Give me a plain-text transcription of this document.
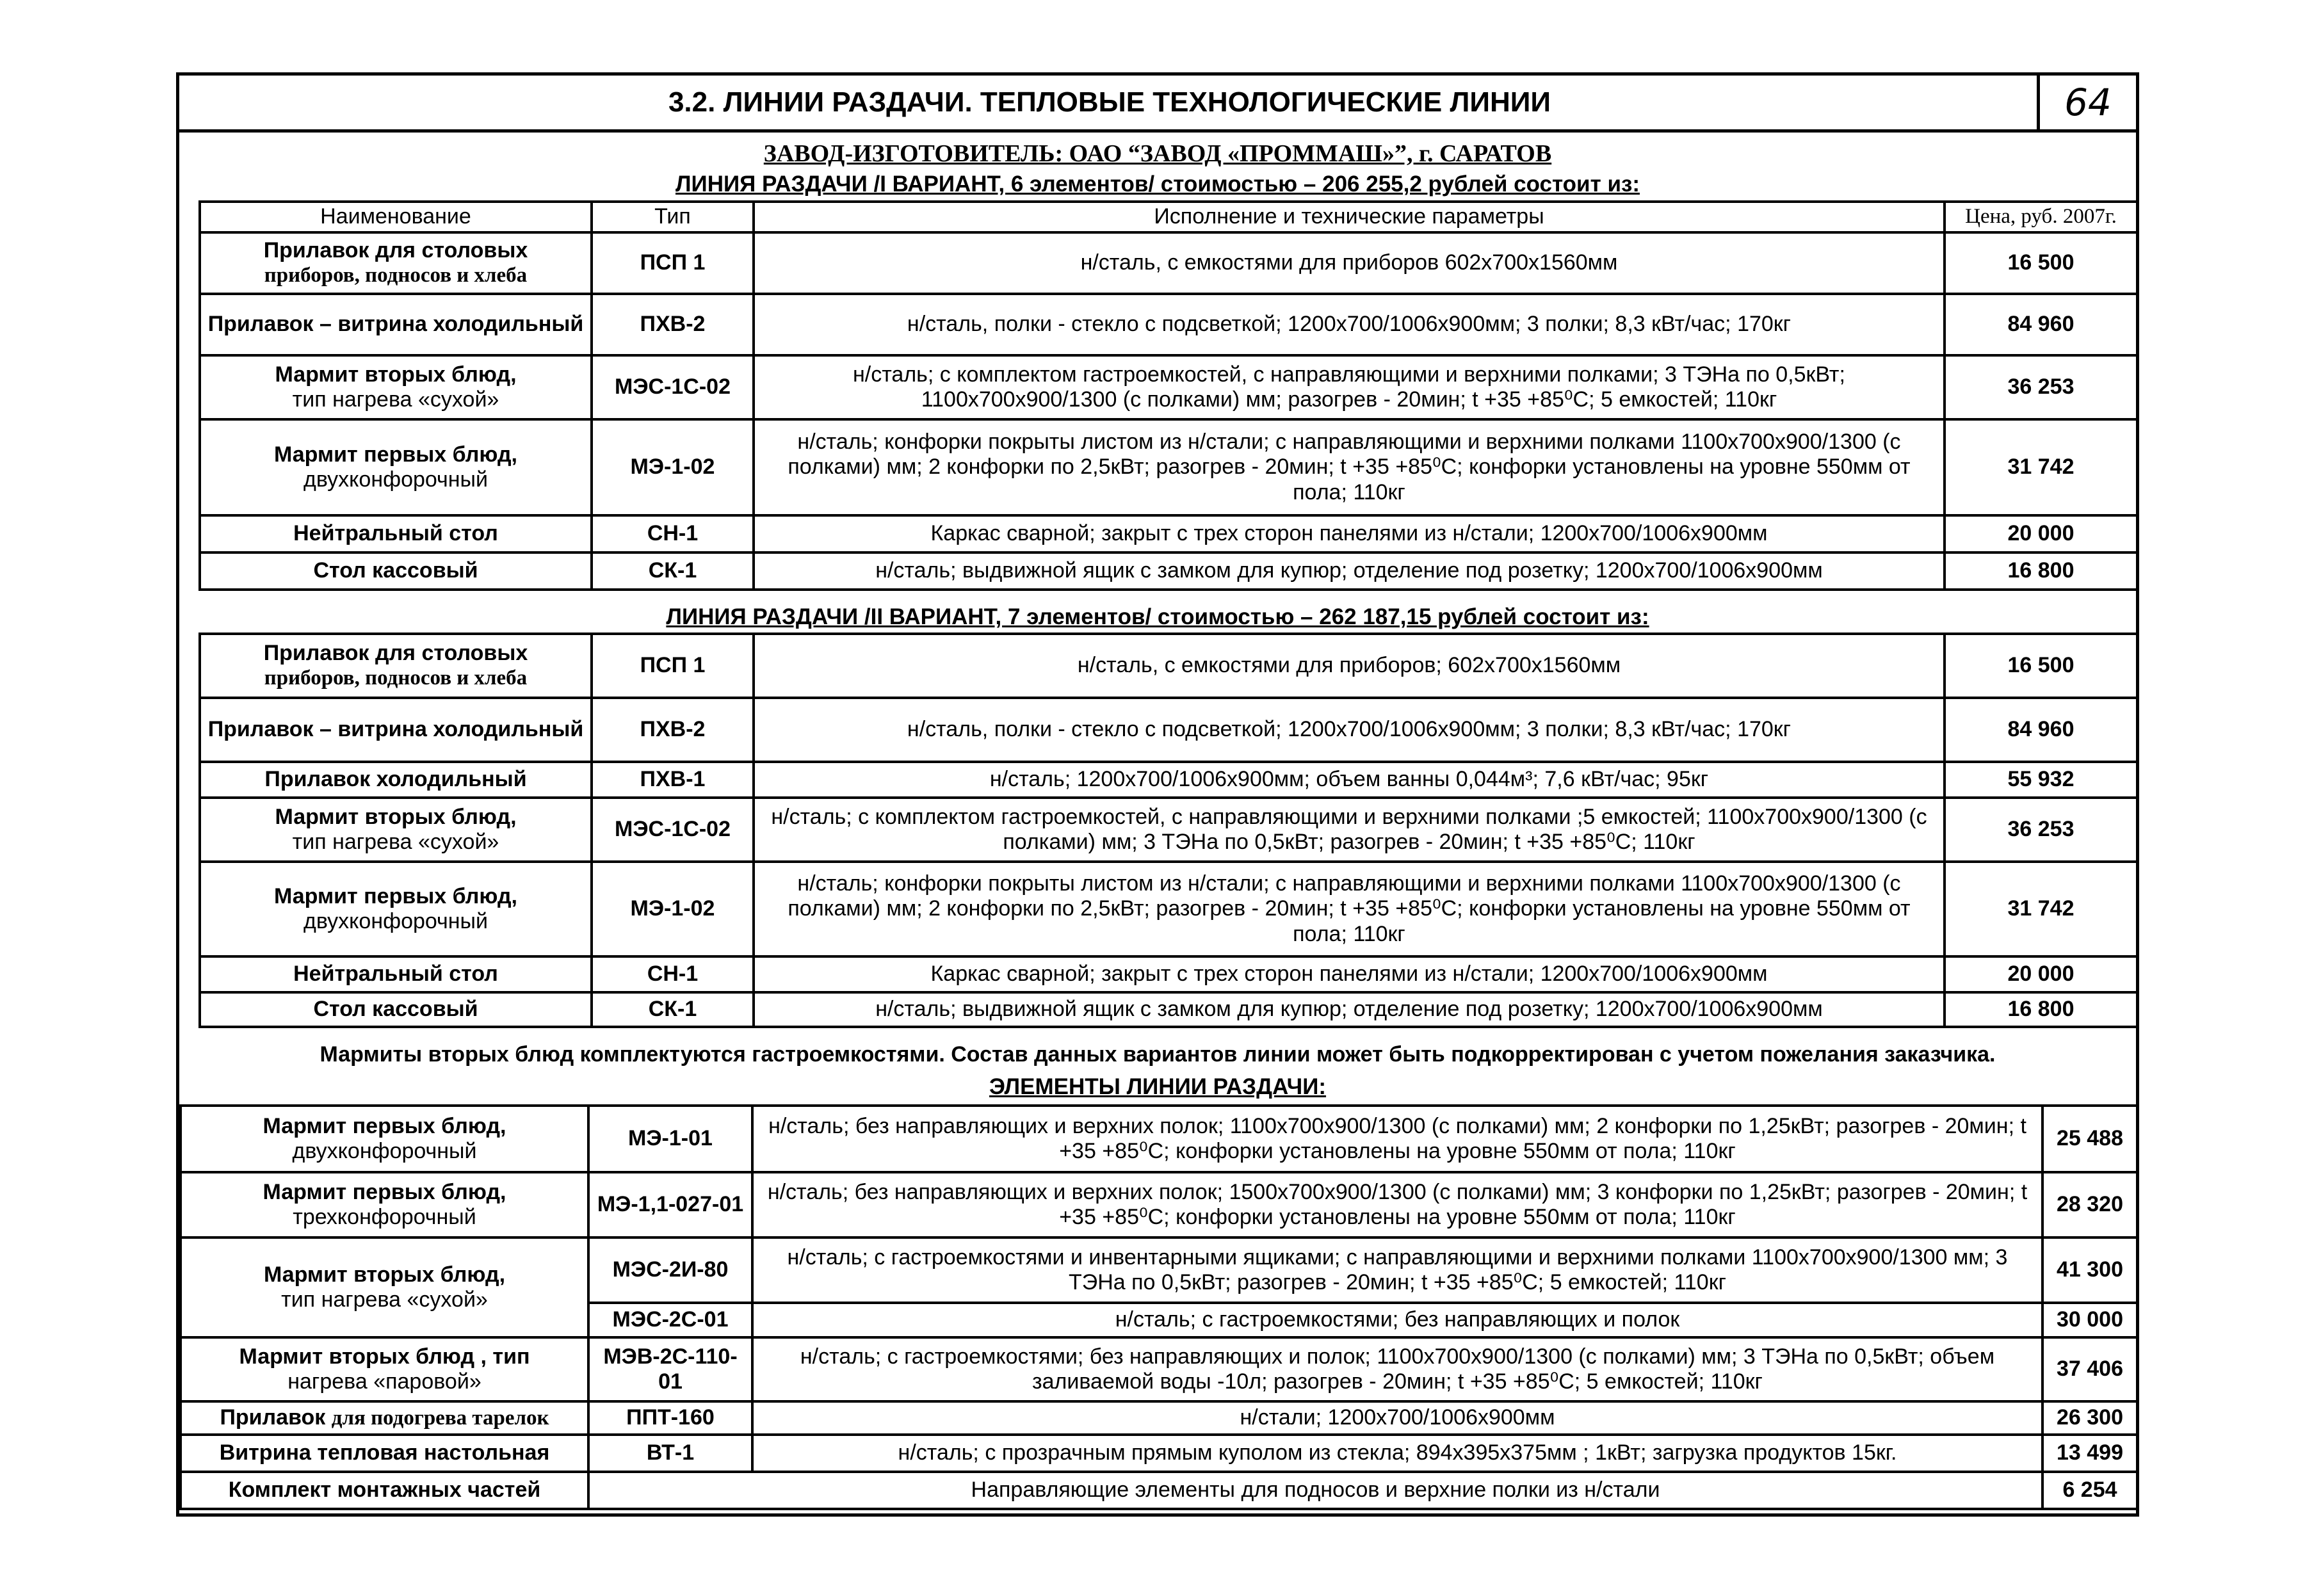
3.2. ЛИНИИ РАЗДАЧИ. ТЕПЛОВЫЕ ТЕХНОЛОГИЧЕСКИЕ ЛИНИИ	64
ЗАВОД-ИЗГОТОВИТЕЛЬ: ОАО “ЗАВОД «ПРОММАШ»”, г. САРАТОВ
ЛИНИЯ РАЗДАЧИ /I ВАРИАНТ, 6 элементов/ стоимостью – 206 255,2 рублей состоит из:
Наименование	Тип	Исполнение и технические параметры	Цена, руб. 2007г.

Прилавок для столовых
приборов, подносов и хлеба	ПСП 1	н/сталь, с емкостями для приборов 602х700х1560мм	16 500

Прилавок – витрина холодильный	ПХВ-2	н/сталь, полки - стекло с подсветкой; 1200х700/1006х900мм; 3 полки; 8,3 кВт/час; 170кг	84 960

Мармит вторых блюд,
тип нагрева «сухой»	МЭС-1С-02	н/сталь; с комплектом гастроемкостей, с направляющими и верхними полками; 3 ТЭНа по 0,5кВт; 1100х700х900/1300 (с полками) мм; разогрев - 20мин; t +35 +85⁰С; 5 емкостей; 110кг	36 253

Мармит первых блюд,
двухконфорочный	МЭ-1-02	н/сталь; конфорки покрыты листом из н/стали; с направляющими и верхними полками 1100х700х900/1300 (с полками) мм; 2 конфорки по 2,5кВт; разогрев - 20мин; t +35 +85⁰С; конфорки установлены на уровне 550мм от пола; 110кг	31 742

Нейтральный стол	СН-1	Каркас сварной; закрыт с трех сторон панелями из н/стали; 1200х700/1006х900мм	20 000

Стол кассовый	СК-1	н/сталь; выдвижной ящик с замком для купюр; отделение под розетку; 1200х700/1006х900мм	16 800
ЛИНИЯ РАЗДАЧИ /II ВАРИАНТ, 7 элементов/ стоимостью – 262 187,15 рублей состоит из:
Прилавок для столовых
приборов, подносов и хлеба	ПСП 1	н/сталь, с емкостями для приборов; 602х700х1560мм	16 500

Прилавок – витрина холодильный	ПХВ-2	н/сталь, полки - стекло с подсветкой; 1200х700/1006х900мм; 3 полки; 8,3 кВт/час; 170кг	84 960

Прилавок холодильный	ПХВ-1	н/сталь; 1200х700/1006х900мм; объем ванны 0,044м³; 7,6 кВт/час; 95кг	55 932

Мармит вторых блюд,
тип нагрева «сухой»	МЭС-1С-02	н/сталь; с комплектом гастроемкостей, с направляющими и верхними полками ;5 емкостей; 1100х700х900/1300 (с полками) мм; 3 ТЭНа по 0,5кВт; разогрев - 20мин; t +35 +85⁰С; 110кг	36 253

Мармит первых блюд,
двухконфорочный	МЭ-1-02	н/сталь; конфорки покрыты листом из н/стали; с направляющими и верхними полками 1100х700х900/1300 (с полками) мм; 2 конфорки по 2,5кВт; разогрев - 20мин; t +35 +85⁰С; конфорки установлены на уровне 550мм от пола; 110кг	31 742

Нейтральный стол	СН-1	Каркас сварной; закрыт с трех сторон панелями из н/стали; 1200х700/1006х900мм	20 000

Стол кассовый	СК-1	н/сталь; выдвижной ящик с замком для купюр; отделение под розетку; 1200х700/1006х900мм	16 800
Мармиты вторых блюд комплектуются гастроемкостями. Состав данных вариантов линии может быть подкорректирован с учетом пожелания заказчика.
ЭЛЕМЕНТЫ ЛИНИИ РАЗДАЧИ:
Мармит первых блюд,
двухконфорочный	МЭ-1-01	н/сталь; без направляющих и верхних полок; 1100х700х900/1300 (с полками) мм; 2 конфорки по 1,25кВт; разогрев - 20мин; t +35 +85⁰С; конфорки установлены на уровне 550мм от пола; 110кг	25 488

Мармит первых блюд,
трехконфорочный	МЭ-1,1-027-01	н/сталь; без направляющих и верхних полок; 1500х700х900/1300 (с полками) мм; 3 конфорки по 1,25кВт; разогрев - 20мин; t +35 +85⁰С; конфорки установлены на уровне 550мм от пола; 110кг	28 320

Мармит вторых блюд,
тип нагрева «сухой»	МЭС-2И-80	н/сталь; с гастроемкостями и инвентарными ящиками; с направляющими и верхними полками 1100х700х900/1300 мм; 3 ТЭНа по 0,5кВт; разогрев - 20мин; t +35 +85⁰С; 5 емкостей; 110кг	41 300
	МЭС-2С-01	н/сталь; с гастроемкостями; без направляющих и полок	30 000

Мармит вторых блюд , тип
нагрева «паровой»	МЭВ-2С-110-01	н/сталь; с гастроемкостями; без направляющих и полок; 1100х700х900/1300 (с полками) мм; 3 ТЭНа по 0,5кВт; объем заливаемой воды -10л; разогрев - 20мин; t +35 +85⁰С; 5 емкостей; 110кг	37 406
Прилавок для подогрева тарелок	ППТ-160	н/стали; 1200х700/1006х900мм	26 300

Витрина тепловая настольная	ВТ-1	н/сталь; с прозрачным прямым куполом из стекла; 894х395х375мм ; 1кВт; загрузка продуктов 15кг.	13 499

Комплект монтажных частей	Направляющие элементы для подносов и верхние полки из н/стали		6 254
